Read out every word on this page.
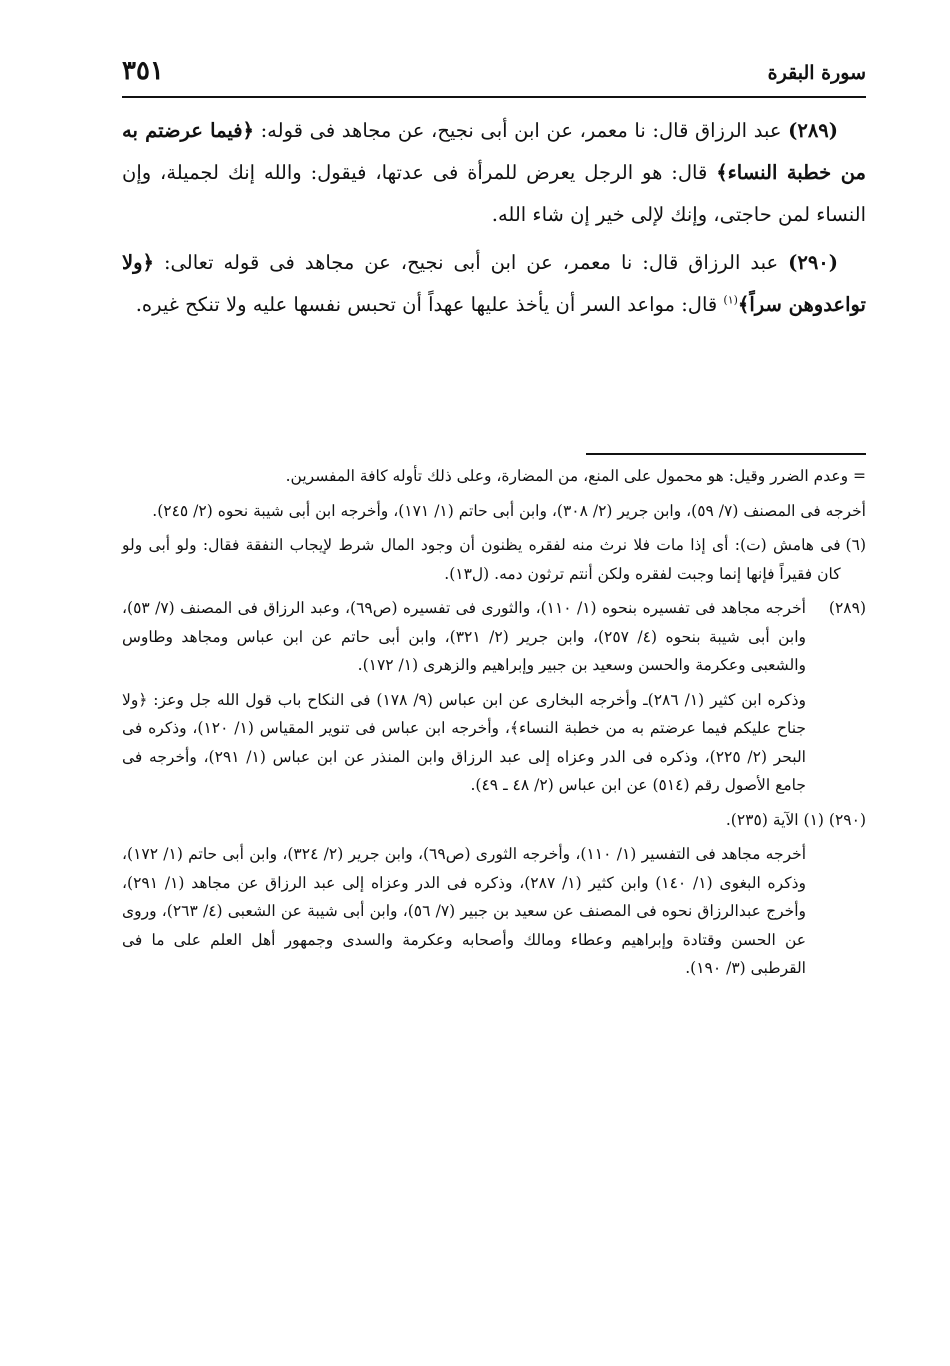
سورة البقرة
٣٥١

(٢٨٩) عبد الرزاق قال: نا معمر، عن ابن أبى نجيح، عن مجاهد فى قوله: ﴿فيما عرضتم به من خطبة النساء﴾ قال: هو الرجل يعرض للمرأة فى عدتها، فيقول: والله إنك لجميلة، وإن النساء لمن حاجتى، وإنك لإلى خير إن شاء الله.

(٢٩٠) عبد الرزاق قال: نا معمر، عن ابن أبى نجيح، عن مجاهد فى قوله تعالى: ﴿ولا تواعدوهن سراً﴾$^{(١)}$ قال: مواعد السر أن يأخذ عليها عهداً أن تحبس نفسها عليه ولا تنكح غيره.

= وعدم الضرر وقيل: هو محمول على المنع، من المضارة، وعلى ذلك تأوله كافة المفسرين.

أخرجه فى المصنف (٧/ ٥٩)، وابن جرير (٢/ ٣٠٨)، وابن أبى حاتم (١/ ١٧١)، وأخرجه ابن أبى شيبة نحوه (٢/ ٢٤٥).

(٦)

فى هامش (ت): أى إذا مات فلا نرث منه لفقره يظنون أن وجود المال شرط لإيجاب النفقة فقال: ولو أبى ولو كان فقيراً فإنها إنما وجبت لفقره ولكن أنتم ترثون دمه. (ل١٣).

(٢٨٩)

أخرجه مجاهد فى تفسيره بنحوه (١/ ١١٠)، والثورى فى تفسيره (ص٦٩)، وعبد الرزاق فى المصنف (٧/ ٥٣)، وابن أبى شيبة بنحوه (٤/ ٢٥٧)، وابن جرير (٢/ ٣٢١)، وابن أبى حاتم عن ابن عباس ومجاهد وطاوس والشعبى وعكرمة والحسن وسعيد بن جبير وإبراهيم والزهرى (١/ ١٧٢).

وذكره ابن كثير (١/ ٢٨٦)ـ وأخرجه البخارى عن ابن عباس (٩/ ١٧٨) فى النكاح باب قول الله جل وعز: ﴿ولا جناح عليكم فيما عرضتم به من خطبة النساء﴾، وأخرجه ابن عباس فى تنوير المقياس (١/ ١٢٠)، وذكره فى البحر (٢/ ٢٢٥)، وذكره فى الدر وعزاه إلى عبد الرزاق وابن المنذر عن ابن عباس (١/ ٢٩١)، وأخرجه فى جامع الأصول رقم (٥١٤) عن ابن عباس (٢/ ٤٨ ـ ٤٩).

(٢٩٠)

(١) الآية (٢٣٥).

أخرجه مجاهد فى التفسير (١/ ١١٠)، وأخرجه الثورى (ص٦٩)، وابن جرير (٢/ ٣٢٤)، وابن أبى حاتم (١/ ١٧٢)، وذكره البغوى (١/ ١٤٠) وابن كثير (١/ ٢٨٧)، وذكره فى الدر وعزاه إلى عبد الرزاق عن مجاهد (١/ ٢٩١)، وأخرج عبدالرزاق نحوه فى المصنف عن سعيد بن جبير (٧/ ٥٦)، وابن أبى شيبة عن الشعبى (٤/ ٢٦٣)، وروى عن الحسن وقتادة وإبراهيم وعطاء ومالك وأصحابه وعكرمة والسدى وجمهور أهل العلم على ما فى القرطبى (٣/ ١٩٠).
